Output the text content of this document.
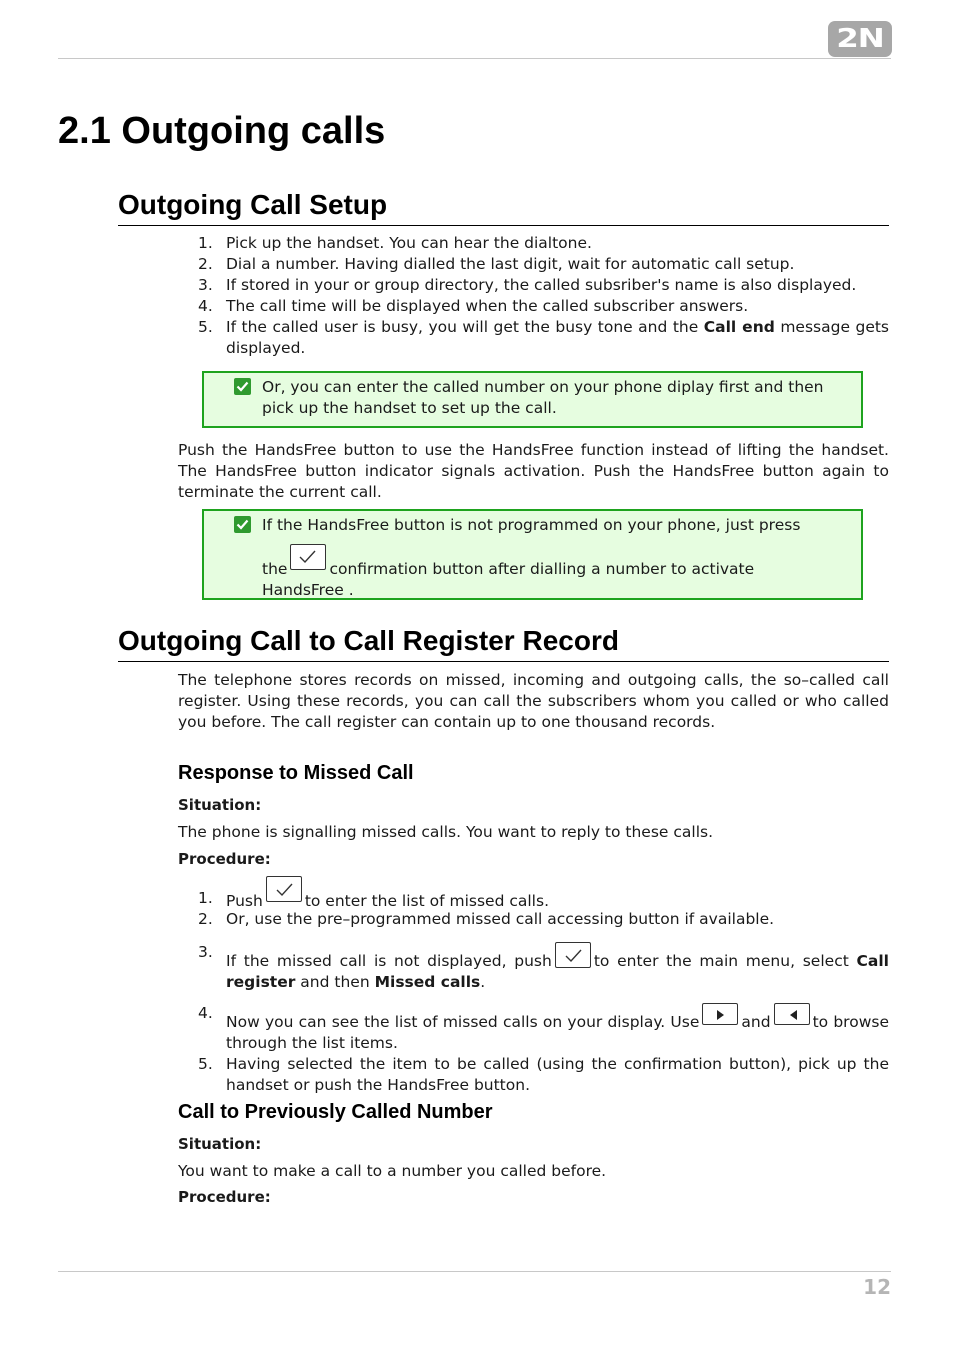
2N
2.1 Outgoing calls
Outgoing Call Setup
1. Pick up the handset. You can hear the dialtone.
2. Dial a number. Having dialled the last digit, wait for automatic call setup.
3. If stored in your or group directory, the called subsriber's name is also displayed.
4. The call time will be displayed when the called subscriber answers.
5. If the called user is busy, you will get the busy tone and the Call end message gets displayed.
Or, you can enter the called number on your phone diplay first and then pick up the handset to set up the call.

Push the HandsFree button to use the HandsFree function instead of lifting the handset. The HandsFree button indicator signals activation. Push the HandsFree button again to terminate the current call.

If the HandsFree button is not programmed on your phone, just press
the	confirmation button after dialling a number to activate
HandsFree .
Outgoing Call to Call Register Record

The telephone stores records on missed, incoming and outgoing calls, the so–called call register. Using these records, you can call the subscribers whom you called or who called you before. The call register can contain up to one thousand records.

Response to Missed Call

Situation:

The phone is signalling missed calls. You want to reply to these calls.

Procedure:

1. Push	to enter the list of missed calls.
2. Or, use the pre–programmed missed call accessing button if available.
3. If the missed call is not displayed, push	to enter the main menu, select Call register and then Missed calls.
4. Now you can see the list of missed calls on your display. Use	and	to browse through the list items.
5. Having selected the item to be called (using the confirmation button), pick up the handset or push the HandsFree button.
Call to Previously Called Number

Situation:

You want to make a call to a number you called before.

Procedure:

12
